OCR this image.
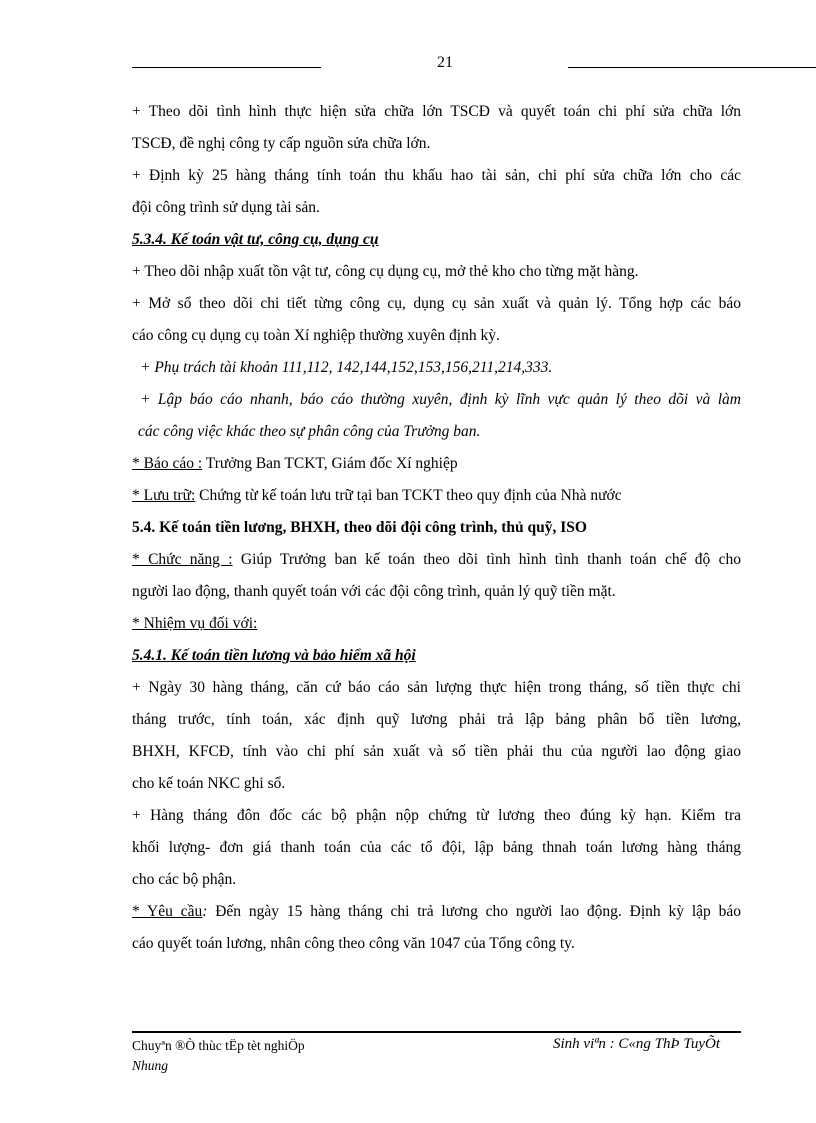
21

+ Theo dõi tình hình thực hiện sửa chữa lớn TSCĐ và quyết toán chi phí sửa chữa lớn

TSCĐ, đề nghị công ty cấp nguồn sửa chữa lớn.

+ Định kỳ 25 hàng tháng tính toán thu khấu hao tài sản, chi phí sửa chữa lớn cho các

đội công trình sử dụng tài sản.

5.3.4. Kế toán vật tư, công cụ, dụng cụ

+ Theo dõi nhập xuất tồn vật tư, công cụ dụng cụ, mở thẻ kho cho từng mặt hàng.

+ Mở sổ theo dõi chi tiết từng công cụ, dụng cụ sản xuất và quản lý. Tổng hợp các báo

cáo công cụ dụng cụ toàn Xí nghiệp thường xuyên định kỳ.

+ Phụ trách tài khoản 111,112, 142,144,152,153,156,211,214,333.

+ Lập báo cáo nhanh, báo cáo thường xuyên, định kỳ lĩnh vực quản lý theo dõi và làm

các công việc khác theo sự phân công của Trưởng ban.

* Báo cáo : Trưởng Ban TCKT, Giám đốc Xí nghiệp

* Lưu trữ: Chứng từ kế toán lưu trữ tại ban TCKT theo quy định của Nhà nước

5.4. Kế toán tiền lương, BHXH, theo dõi đội công trình, thủ quỹ, ISO

* Chức năng : Giúp Trưởng ban kế toán theo dõi tình hình tình thanh toán chế độ cho

người lao động, thanh quyết toán với các đội công trình, quản lý quỹ tiền mặt.

* Nhiệm vụ đối với:

5.4.1. Kế toán tiền lương và bảo hiểm xã hội

+ Ngày 30 hàng tháng, căn cứ báo cáo sản lượng thực hiện trong tháng, số tiền thực chi

tháng trước, tính toán, xác định quỹ lương phải trả lập bảng phân bổ tiền lương,

BHXH, KFCĐ, tính vào chi phí sản xuất và số tiền phải thu của người lao động giao

cho kế toán NKC ghi sổ.

+ Hàng tháng đôn đốc các bộ phận nộp chứng từ lương theo đúng kỳ hạn. Kiểm tra

khối lượng- đơn giá thanh toán của các tổ đội, lập bảng thnah toán lương hàng tháng

cho các bộ phận.

* Yêu cầu: Đến ngày 15 hàng tháng chi trả lương cho người lao động. Định kỳ lập báo

cáo quyết toán lương, nhân công theo công văn 1047 của Tổng công ty.

Chuyªn ®Ò thùc tËp tèt nghiÖp
Nhung
Sinh viªn : C«ng ThÞ TuyÕt
